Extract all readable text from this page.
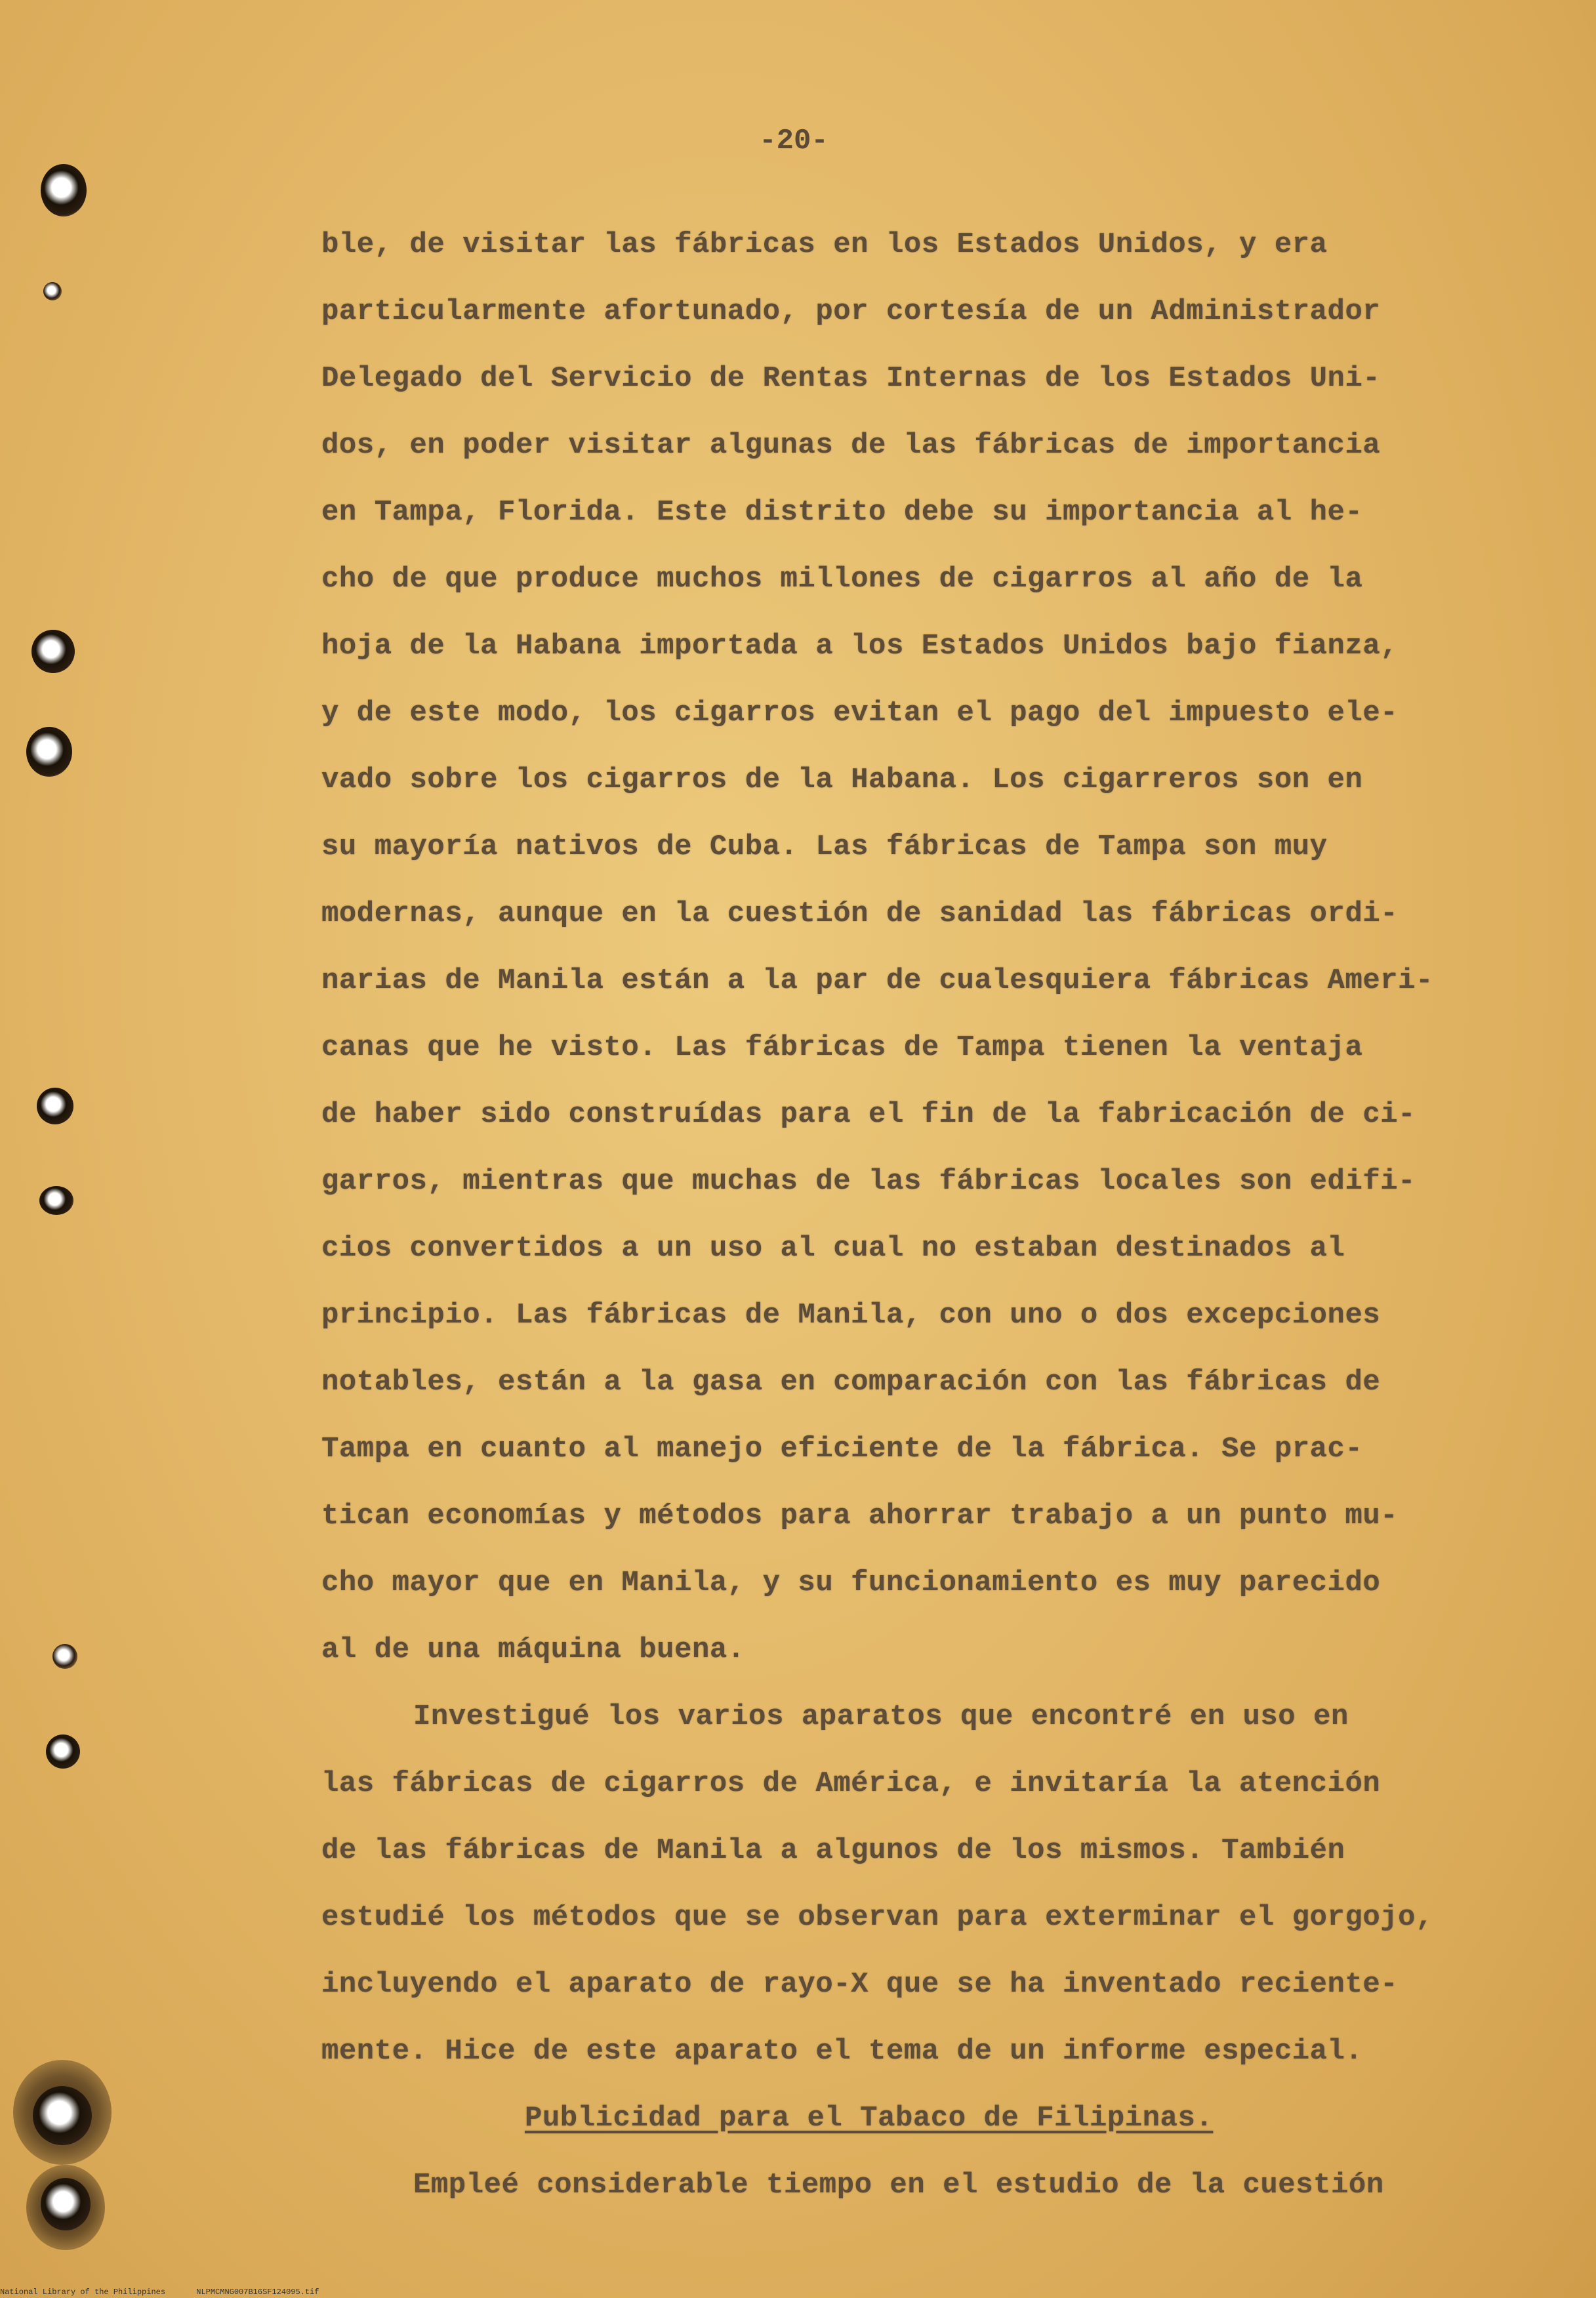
-20-
ble, de visitar las fábricas en los Estados Unidos, y era
particularmente afortunado, por cortesía de un Administrador
Delegado del Servicio de Rentas Internas de los Estados Uni-
dos, en poder visitar algunas de las fábricas de importancia
en Tampa, Florida. Este distrito debe su importancia al he-
cho de que produce muchos millones de cigarros al año de la
hoja de la Habana importada a los Estados Unidos bajo fianza,
y de este modo, los cigarros evitan el pago del impuesto ele-
vado sobre los cigarros de la Habana. Los cigarreros son en
su mayoría nativos de Cuba. Las fábricas de Tampa son muy
modernas, aunque en la cuestión de sanidad las fábricas ordi-
narias de Manila están a la par de cualesquiera fábricas Ameri-
canas que he visto. Las fábricas de Tampa tienen la ventaja
de haber sido construídas para el fin de la fabricación de ci-
garros, mientras que muchas de las fábricas locales son edifi-
cios convertidos a un uso al cual no estaban destinados al
principio. Las fábricas de Manila, con uno o dos excepciones
notables, están a la gasa en comparación con las fábricas de
Tampa en cuanto al manejo eficiente de la fábrica. Se prac-
tican economías y métodos para ahorrar trabajo a un punto mu-
cho mayor que en Manila, y su funcionamiento es muy parecido
al de una máquina buena.
Investigué los varios aparatos que encontré en uso en
las fábricas de cigarros de América, e invitaría la atención
de las fábricas de Manila a algunos de los mismos. También
estudié los métodos que se observan para exterminar el gorgojo,
incluyendo el aparato de rayo-X que se ha inventado reciente-
mente. Hice de este aparato el tema de un informe especial.
Publicidad para el Tabaco de Filipinas.
Empleé considerable tiempo en el estudio de la cuestión
National Library of the Philippines	NLPMCMNG007B16SF124095.tif
